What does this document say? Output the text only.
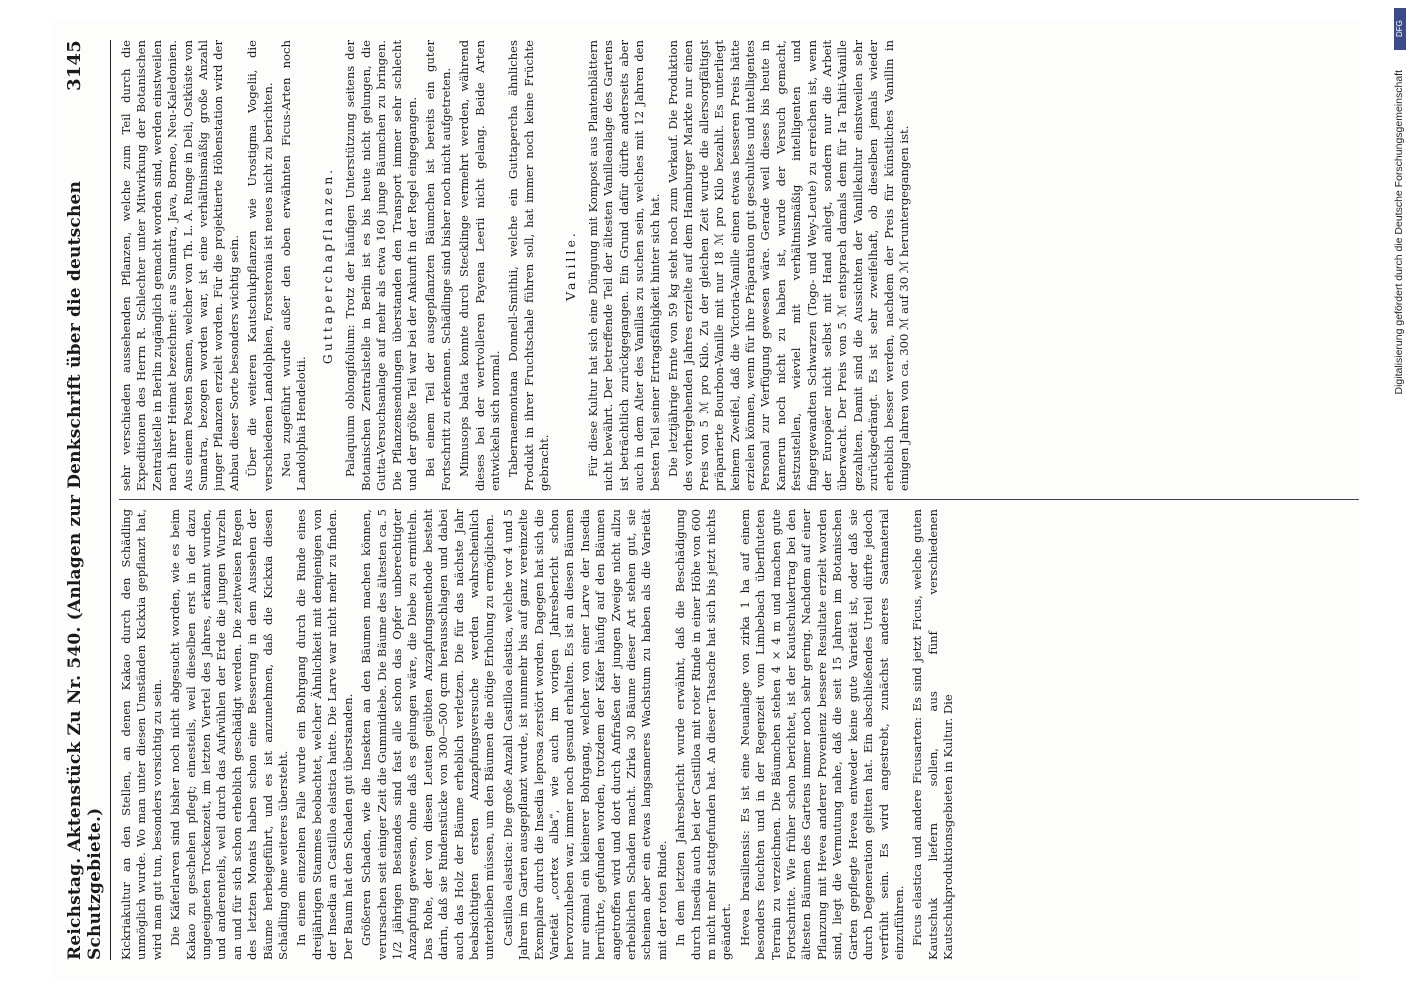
Reichstag. Aktenstück Zu Nr. 540. (Anlagen zur Denkschrift über die deutschen Schutzgebiete.)
3145

Kickriakultur an den Stellen, an denen Kakao durch den Schädling unmöglich wurde. Wo man unter diesen Umständen Kickxia gepflanzt hat, wird man gut tun, besonders vorsichtig zu sein. Die Käferlarven sind bisher noch nicht abgesucht worden, wie es beim Kakao zu geschehen pflegt; einesteils, weil dieselben erst in der dazu ungeeigneten Trockenzeit, im letzten Viertel des Jahres, erkannt wurden, und anderenteils, weil durch das Aufwühlen der Erde die jungen Wurzeln an und für sich schon erheblich geschädigt werden. Die zeitweisen Regen des letzten Monats haben schon eine Besserung in dem Aussehen der Bäume herbeigeführt, und es ist anzunehmen, daß die Kickxia diesen Schädling ohne weiteres übersteht. In einem einzelnen Falle wurde ein Bohrgang durch die Rinde eines dreijährigen Stammes beobachtet, welcher Ähnlichkeit mit demjenigen von der Insedia an Castilloa elastica hatte. Die Larve war nicht mehr zu finden. Der Baum hat den Schaden gut überstanden. Größeren Schaden, wie die Insekten an den Bäumen machen können, verursachen seit einiger Zeit die Gummidiebe. Die Bäume des ältesten ca. 5 1/2 jährigen Bestandes sind fast alle schon das Opfer unberechtigter Anzapfung gewesen, ohne daß es gelungen wäre, die Diebe zu ermitteln. Das Rohe, der von diesen Leuten geübten Anzapfungsmethode besteht darin, daß sie Rindenstücke von 300—500 qcm herausschlagen und dabei auch das Holz der Bäume erheblich verletzen. Die für das nächste Jahr beabsichtigten ersten Anzapfungsversuche werden wahrscheinlich unterbleiben müssen, um den Bäumen die nötige Erholung zu ermöglichen. Castilloa elastica: Die große Anzahl Castilloa elastica, welche vor 4 und 5 Jahren im Garten ausgepflanzt wurde, ist nunmehr bis auf ganz vereinzelte Exemplare durch die Insedia leprosa zerstört worden. Dagegen hat sich die Varietät „cortex alba“, wie auch im vorigen Jahresbericht schon hervorzuheben war, immer noch gesund erhalten. Es ist an diesen Bäumen nur einmal ein kleinerer Bohrgang, welcher von einer Larve der Insedia herrührte, gefunden worden, trotzdem der Käfer häufig auf den Bäumen angetroffen wird und dort durch Anfraßen der jungen Zweige nicht allzu erheblichen Schaden macht. Zirka 30 Bäume dieser Art stehen gut, sie scheinen aber ein etwas langsameres Wachstum zu haben als die Varietät mit der roten Rinde. In dem letzten Jahresbericht wurde erwähnt, daß die Beschädigung durch Insedia auch bei der Castilloa mit roter Rinde in einer Höhe von 600 m nicht mehr stattgefunden hat. An dieser Tatsache hat sich bis jetzt nichts geändert. Hevea brasiliensis: Es ist eine Neuanlage von zirka 1 ha auf einem besonders feuchten und in der Regenzeit vom Limbebach überfluteten Terrain zu verzeichnen. Die Bäumchen stehen 4 × 4 m und machen gute Fortschritte. Wie früher schon berichtet, ist der Kautschukertrag bei den ältesten Bäumen des Gartens immer noch sehr gering. Nachdem auf einer Pflanzung mit Hevea anderer Provenienz bessere Resultate erzielt worden sind, liegt die Vermutung nahe, daß die seit 15 Jahren im Botanischen Garten gepflegte Hevea entweder keine gute Varietät ist, oder daß sie durch Degeneration gelitten hat. Ein abschließendes Urteil dürfte jedoch verfrüht sein. Es wird angestrebt, zunächst anderes Saatmaterial einzuführen. Ficus elastica und andere Ficusarten: Es sind jetzt Ficus, welche guten Kautschuk liefern sollen, aus fünf verschiedenen Kautschukproduktionsgebieten in Kultur. Die

sehr verschieden aussehenden Pflanzen, welche zum Teil durch die Expeditionen des Herrn R. Schlechter unter Mitwirkung der Botanischen Zentralstelle in Berlin zugänglich gemacht worden sind, werden einstweilen nach ihrer Heimat bezeichnet: aus Sumatra, Java, Borneo, Neu-Kaledonien. Aus einem Posten Samen, welcher von Th. L. A. Runge in Deli, Ostküste von Sumatra, bezogen worden war, ist eine verhältnismäßig große Anzahl junger Pflanzen erzielt worden. Für die projektierte Höhenstation wird der Anbau dieser Sorte besonders wichtig sein. Über die weiteren Kautschukpflanzen wie Urostigma Vogelii, die verschiedenen Landolphien, Forsteronia ist neues nicht zu berichten. Neu zugeführt wurde außer den oben erwähnten Ficus-Arten noch Landolphia Hendelotii.

Guttaperchapflanzen. Palaquium oblongifolium: Trotz der häufigen Unterstützung seitens der Botanischen Zentralstelle in Berlin ist es bis heute nicht gelungen, die Gutta-Versuchsanlage auf mehr als etwa 160 junge Bäumchen zu bringen. Die Pflanzensendungen überstanden den Transport immer sehr schlecht und der größte Teil war bei der Ankunft in der Regel eingegangen. Bei einem Teil der ausgepflanzten Bäumchen ist bereits ein guter Fortschritt zu erkennen. Schädlinge sind bisher noch nicht aufgetreten. Mimusops balata konnte durch Stecklinge vermehrt werden, während dieses bei der wertvolleren Payena Leerii nicht gelang. Beide Arten entwickeln sich normal. Tabernaemontana Donnell-Smithii, welche ein Guttapercha ähnliches Produkt in ihrer Fruchtschale führen soll, hat immer noch keine Früchte gebracht.

Vanille. Für diese Kultur hat sich eine Düngung mit Kompost aus Plantenblättern nicht bewährt. Der betreffende Teil der ältesten Vanilleanlage des Gartens ist beträchtlich zurückgegangen. Ein Grund dafür dürfte anderseits aber auch in dem Alter des Vanillas zu suchen sein, welches mit 12 Jahren den besten Teil seiner Ertragsfähigkeit hinter sich hat. Die letztjährige Ernte von 59 kg steht noch zum Verkauf. Die Produktion des vorhergehenden Jahres erzielte auf dem Hamburger Markte nur einen Preis von 5 ℳ pro Kilo. Zu der gleichen Zeit wurde die allersorgfältigst präparierte Bourbon-Vanille mit nur 18 ℳ pro Kilo bezahlt. Es unterliegt keinem Zweifel, daß die Victoria-Vanille einen etwas besseren Preis hätte erzielen können, wenn für ihre Präparation gut geschultes und intelligentes Personal zur Verfügung gewesen wäre. Gerade weil dieses bis heute in Kamerun noch nicht zu haben ist, wurde der Versuch gemacht, festzustellen, wieviel mit verhältnismäßig intelligenten und fingergewandten Schwarzen (Togo- und Wey-Leute) zu erreichen ist, wenn der Europäer nicht selbst mit Hand anlegt, sondern nur die Arbeit überwacht. Der Preis von 5 ℳ entsprach damals dem für Ia Tahiti-Vanille gezahlten. Damit sind die Aussichten der Vanillekultur einstweilen sehr zurückgedrängt. Es ist sehr zweifelhaft, ob dieselben jemals wieder erheblich besser werden, nachdem der Preis für künstliches Vanillin in einigen Jahren von ca. 300 ℳ auf 30 ℳ heruntergegangen ist.

DFG
Digitalisierung gefördert durch die Deutsche Forschungsgemeinschaft
